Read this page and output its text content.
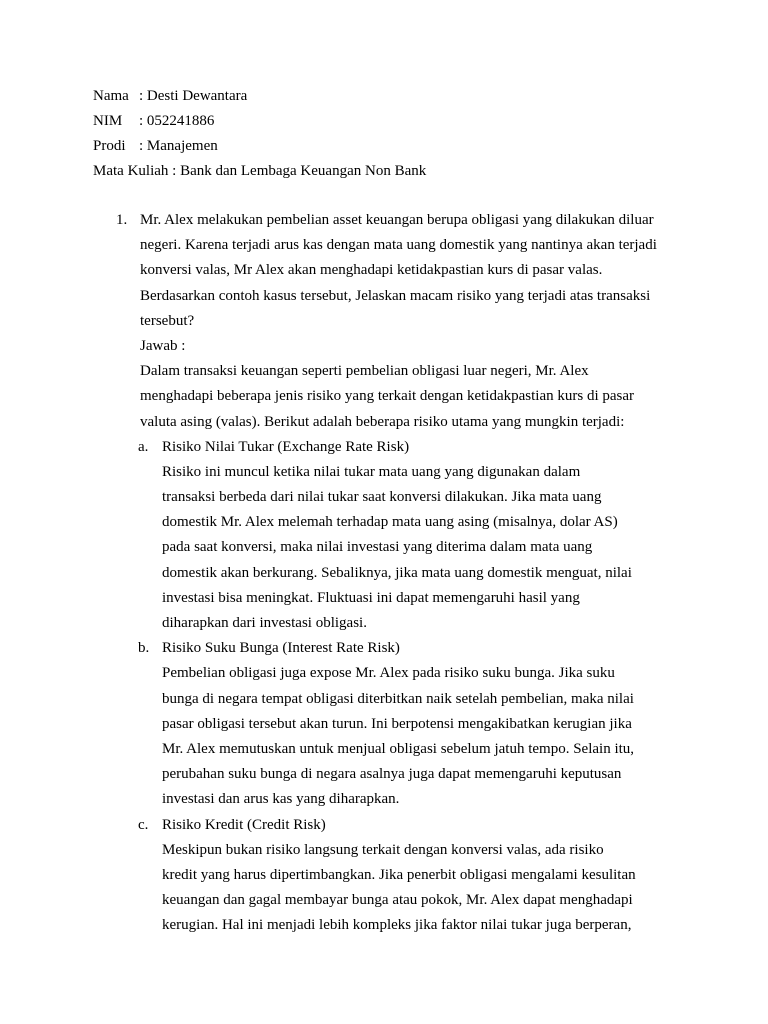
Nama : Desti Dewantara
NIM : 052241886
Prodi : Manajemen
Mata Kuliah : Bank dan Lembaga Keuangan Non Bank
1. Mr. Alex melakukan pembelian asset keuangan berupa obligasi yang dilakukan diluar
negeri. Karena terjadi arus kas dengan mata uang domestik yang nantinya akan terjadi
konversi valas, Mr Alex akan menghadapi ketidakpastian kurs di pasar valas.
Berdasarkan contoh kasus tersebut, Jelaskan macam risiko yang terjadi atas transaksi
tersebut?
Jawab :
Dalam transaksi keuangan seperti pembelian obligasi luar negeri, Mr. Alex
menghadapi beberapa jenis risiko yang terkait dengan ketidakpastian kurs di pasar
valuta asing (valas). Berikut adalah beberapa risiko utama yang mungkin terjadi:
a. Risiko Nilai Tukar (Exchange Rate Risk)
Risiko ini muncul ketika nilai tukar mata uang yang digunakan dalam
transaksi berbeda dari nilai tukar saat konversi dilakukan. Jika mata uang
domestik Mr. Alex melemah terhadap mata uang asing (misalnya, dolar AS)
pada saat konversi, maka nilai investasi yang diterima dalam mata uang
domestik akan berkurang. Sebaliknya, jika mata uang domestik menguat, nilai
investasi bisa meningkat. Fluktuasi ini dapat memengaruhi hasil yang
diharapkan dari investasi obligasi.
b. Risiko Suku Bunga (Interest Rate Risk)
Pembelian obligasi juga expose Mr. Alex pada risiko suku bunga. Jika suku
bunga di negara tempat obligasi diterbitkan naik setelah pembelian, maka nilai
pasar obligasi tersebut akan turun. Ini berpotensi mengakibatkan kerugian jika
Mr. Alex memutuskan untuk menjual obligasi sebelum jatuh tempo. Selain itu,
perubahan suku bunga di negara asalnya juga dapat memengaruhi keputusan
investasi dan arus kas yang diharapkan.
c. Risiko Kredit (Credit Risk)
Meskipun bukan risiko langsung terkait dengan konversi valas, ada risiko
kredit yang harus dipertimbangkan. Jika penerbit obligasi mengalami kesulitan
keuangan dan gagal membayar bunga atau pokok, Mr. Alex dapat menghadapi
kerugian. Hal ini menjadi lebih kompleks jika faktor nilai tukar juga berperan,
